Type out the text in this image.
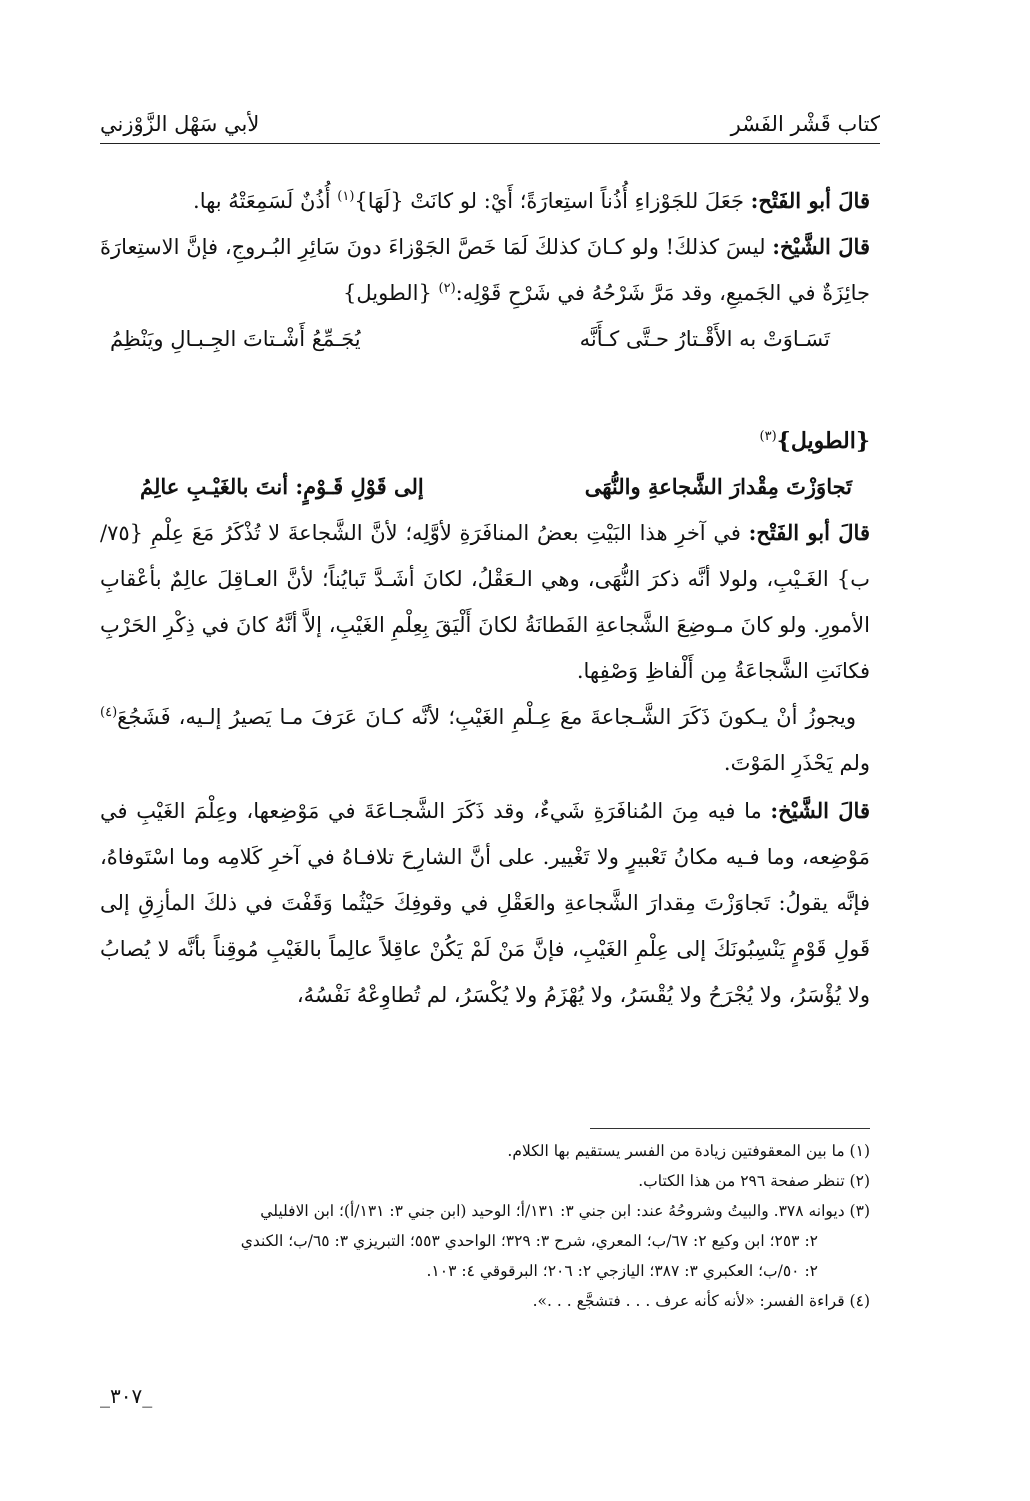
كتاب قَشْر الفَسْر
لأبي سَهْل الزَّوْزني

قالَ أبو الفَتْح: جَعَلَ للجَوْزاءِ أُذُناً استِعارَةً؛ أَيْ: لو كانَتْ {لَهَا}$^{(١)}$ أُذُنٌ لَسَمِعَتْهُ بها.

قالَ الشَّيْخ: ليسَ كذلكَ! ولو كـانَ كذلكَ لَمَا خَصَّ الجَوْزاءَ دونَ سَائِرِ البُـروجِ، فإنَّ الاستِعارَةَ جائِزَةٌ في الجَميعِ، وقد مَرَّ شَرْحُهُ في شَرْحِ قَوْلِه:$^{(٢)}$ {الطويل}

تَسَـاوَتْ به الأَقْـتارُ حـتَّى كـأَنَّه
يُجَـمِّعُ أَشْـتاتَ الجِـبـالِ ويَنْظِمُ
{الطويل}$^{(٣)}$
تَجاوَزْتَ مِقْدارَ الشَّجاعةِ والنُّهَى
إلى قَوْلِ قَـوْمٍ: أنتَ بالغَيْـبِ عالِمُ

قالَ أبو الفَتْح: في آخرِ هذا البَيْتِ بعضُ المنافَرَةِ لأوَّلِه؛ لأنَّ الشَّجاعةَ لا تُذْكَرُ مَعَ عِلْمِ {٧٥/ب} الغَـيْبِ، ولولا أنَّه ذكرَ النُّهَى، وهي الـعَقْلُ، لكانَ أشَـدَّ تَبايُناً؛ لأنَّ العـاقِلَ عالِمٌ بأعْقابِ الأمورِ. ولو كانَ مـوضِعَ الشَّجاعةِ الفَطانَةُ لكانَ أَلْيَقَ بِعِلْمِ الغَيْبِ، إلاَّ أنَّهُ كانَ في ذِكْرِ الحَرْبِ فكانَتِ الشَّجاعَةُ مِن أَلْفاظِ وَصْفِها.

ويجوزُ أنْ يـكونَ ذَكَرَ الشَّـجاعةَ معَ عِـلْمِ الغَيْبِ؛ لأنَّه كـانَ عَرَفَ مـا يَصيرُ إلـيه، فَشَجُعَ$^{(٤)}$ ولم يَحْذَرِ المَوْتَ.

قالَ الشَّيْخ: ما فيه مِنَ المُنافَرَةِ شَيءٌ، وقد ذَكَرَ الشَّجـاعَةَ في مَوْضِعها، وعِلْمَ الغَيْبِ في مَوْضِعه، وما فـيه مكانُ تَعْبيرٍ ولا تَغْيير. على أنَّ الشارِحَ تلافـاهُ في آخرِ كَلامِه وما اسْتَوفاهُ، فإنَّه يقولُ: تَجاوَزْتَ مِقدارَ الشَّجاعةِ والعَقْلِ في وقوفِكَ حَيْثُما وَقَفْتَ في ذلكَ المأزِقِ إلى قَولِ قَوْمٍ يَنْسِبُونَكَ إلى عِلْمِ الغَيْبِ، فإنَّ مَنْ لَمْ يَكُنْ عاقِلاً عالِماً بالغَيْبِ مُوقِناً بأنَّه لا يُصابُ ولا يُؤْسَرُ، ولا يُجْرَحُ ولا يُقْسَرُ، ولا يُهْزَمُ ولا يُكْسَرُ، لم تُطاوِعْهُ نَفْسُهُ،

(١) ما بين المعقوفتين زيادة من الفسر يستقيم بها الكلام.

(٢) تنظر صفحة ٢٩٦ من هذا الكتاب.

(٣) ديوانه ٣٧٨. والبيتُ وشروحُهُ عند: ابن جني ٣: ١٣١/أ؛ الوحيد (ابن جني ٣: ١٣١/أ)؛ ابن الافليلي

٢: ٢٥٣؛ ابن وكيع ٢: ٦٧/ب؛ المعري، شرح ٣: ٣٢٩؛ الواحدي ٥٥٣؛ التبريزي ٣: ٦٥/ب؛ الكندي

٢: ٥٠/ب؛ العكبري ٣: ٣٨٧؛ اليازجي ٢: ٢٠٦؛ البرقوقي ٤: ١٠٣.

(٤) قراءة الفسر: «لأنه كأنه عرف . . . فتشجَّع . . .».

_٣٠٧_
